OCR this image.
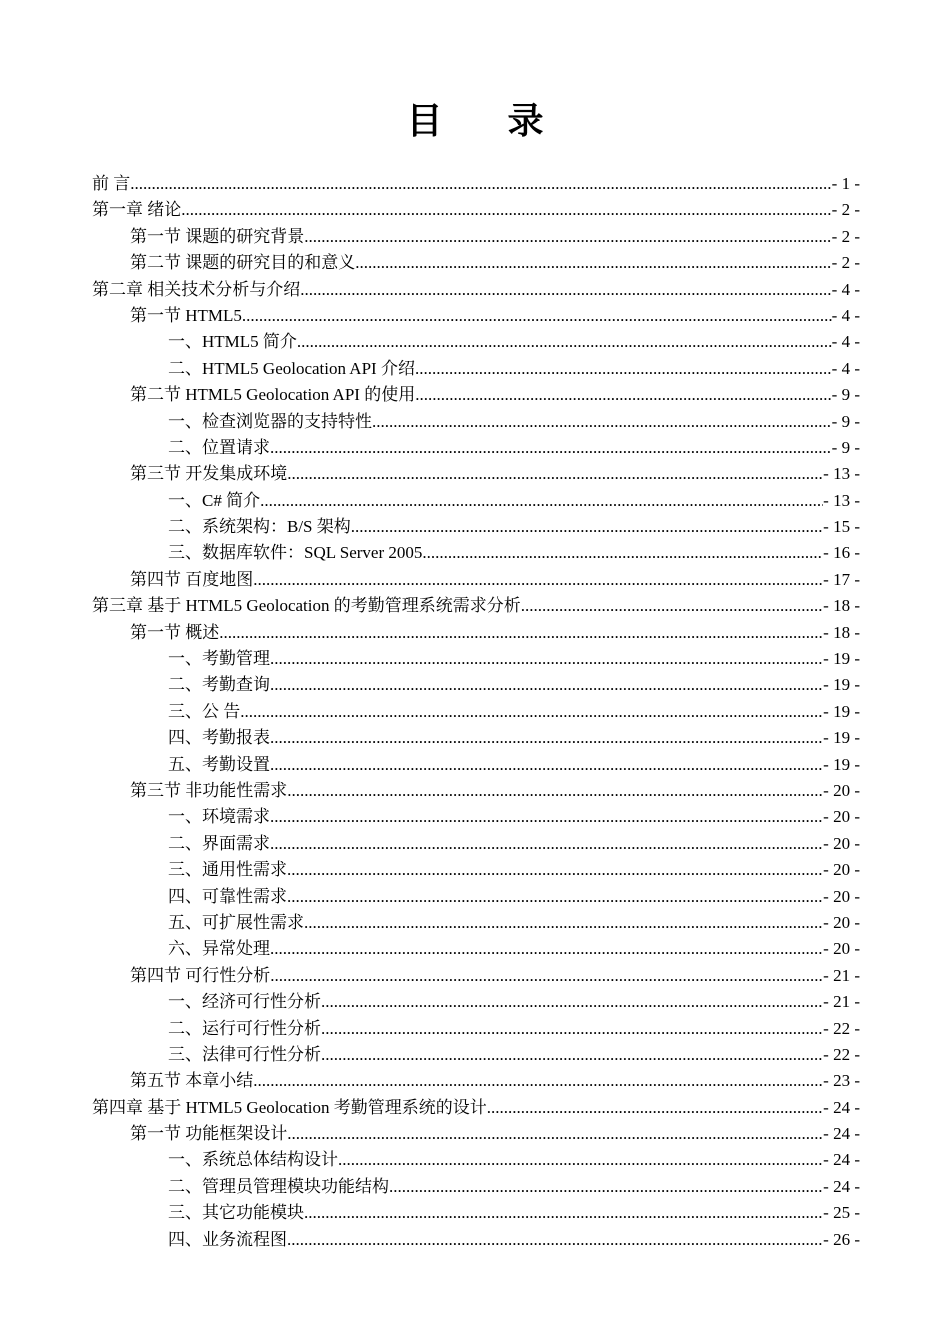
目 录
前 言 .....	- 1 -
第一章 绪论 .....	- 2 -
第一节 课题的研究背景 .....	- 2 -
第二节 课题的研究目的和意义 .....	- 2 -
第二章 相关技术分析与介绍 .....	- 4 -
第一节 HTML5 .....	- 4 -
一、HTML5 简介 .....	- 4 -
二、HTML5 Geolocation API 介绍 .....	- 4 -
第二节 HTML5 Geolocation API 的使用 .....	- 9 -
一、检查浏览器的支持特性 .....	- 9 -
二、位置请求 .....	- 9 -
第三节 开发集成环境 .....	- 13 -
一、C# 简介 .....	- 13 -
二、系统架构：B/S 架构 .....	- 15 -
三、数据库软件：SQL Server 2005 .....	- 16 -
第四节 百度地图 .....	- 17 -
第三章 基于 HTML5 Geolocation 的考勤管理系统需求分析 .....	- 18 -
第一节 概述 .....	- 18 -
一、考勤管理 .....	- 19 -
二、考勤查询 .....	- 19 -
三、公 告 .....	- 19 -
四、考勤报表 .....	- 19 -
五、考勤设置 .....	- 19 -
第三节 非功能性需求 .....	- 20 -
一、环境需求 .....	- 20 -
二、界面需求 .....	- 20 -
三、通用性需求 .....	- 20 -
四、可靠性需求 .....	- 20 -
五、可扩展性需求 .....	- 20 -
六、异常处理 .....	- 20 -
第四节 可行性分析 .....	- 21 -
一、经济可行性分析 .....	- 21 -
二、运行可行性分析 .....	- 22 -
三、法律可行性分析 .....	- 22 -
第五节 本章小结 .....	- 23 -
第四章 基于 HTML5 Geolocation 考勤管理系统的设计 .....	- 24 -
第一节 功能框架设计 .....	- 24 -
一、系统总体结构设计 .....	- 24 -
二、管理员管理模块功能结构 .....	- 24 -
三、其它功能模块 .....	- 25 -
四、业务流程图 .....	- 26 -
